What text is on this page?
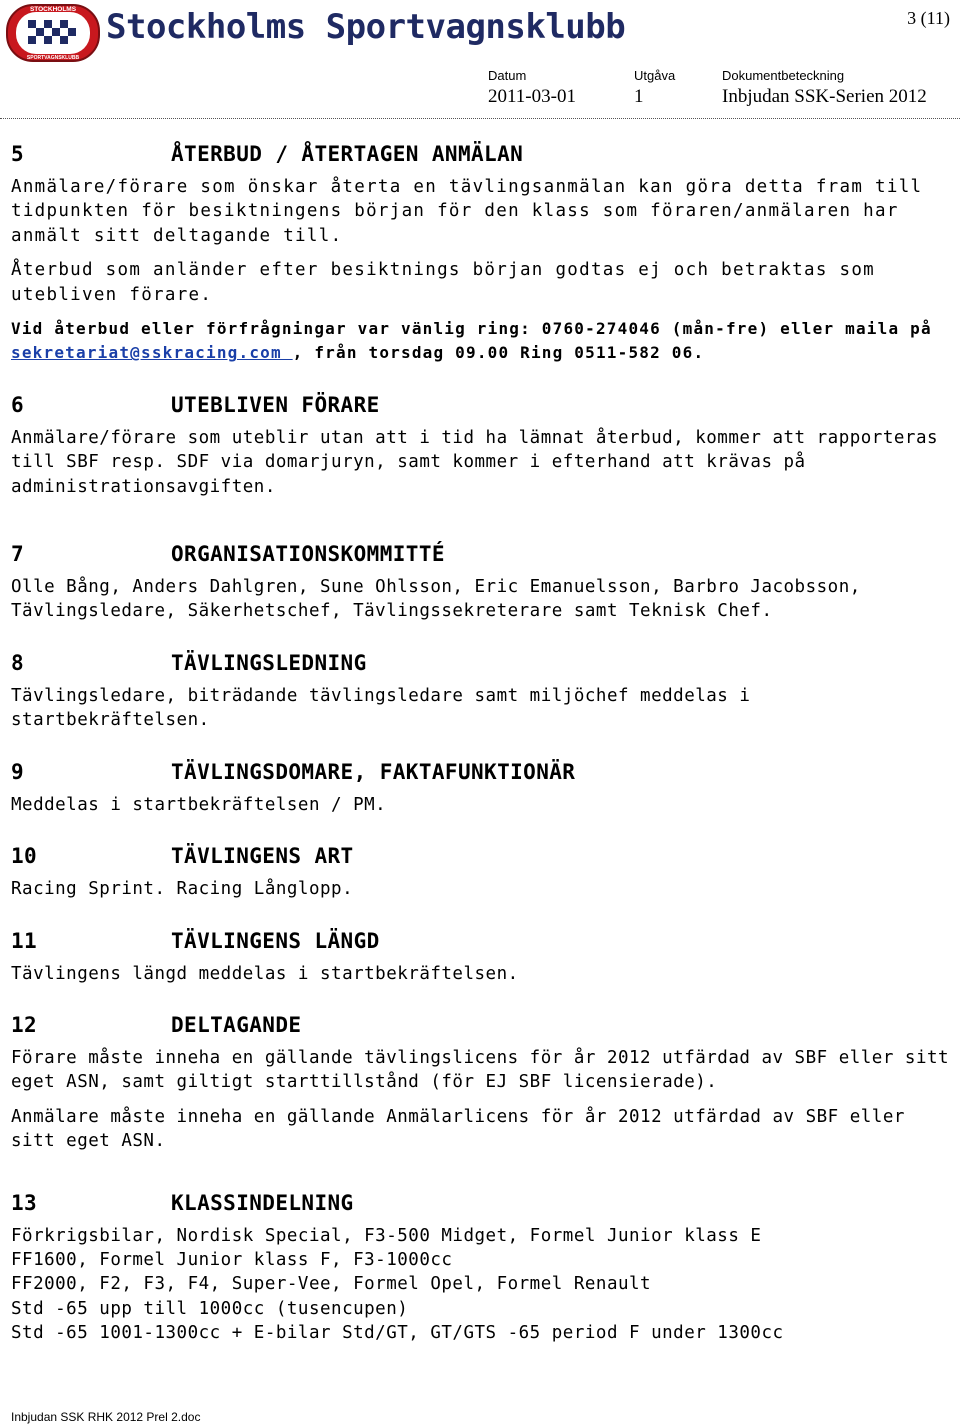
STOCKHOLMS
SPORTVAGNSKLUBB
Stockholms Sportvagnsklubb	3 (11)
Datum	Utgåva	Dokumentbeteckning
2011-03-01	1	Inbjudan SSK-Serien 2012
5	ÅTERBUD / ÅTERTAGEN ANMÄLAN

Anmälare/förare som önskar återta en tävlingsanmälan kan göra detta fram till tidpunkten för besiktningens början för den klass som föraren/anmälaren har anmält sitt deltagande till.

Återbud som anländer efter besiktnings början godtas ej och betraktas som utebliven förare.

Vid återbud eller förfrågningar var vänlig ring: 0760-274046 (mån-fre) eller maila på sekretariat@sskracing.com , från torsdag 09.00 Ring 0511-582 06.

6	UTEBLIVEN FÖRARE

Anmälare/förare som uteblir utan att i tid ha lämnat återbud, kommer att rapporteras till SBF resp. SDF via domarjuryn, samt kommer i efterhand att krävas på administrationsavgiften.

7	ORGANISATIONSKOMMITTÉ

Olle Bång, Anders Dahlgren, Sune Ohlsson, Eric Emanuelsson, Barbro Jacobsson, Tävlingsledare, Säkerhetschef, Tävlingssekreterare samt Teknisk Chef.

8	TÄVLINGSLEDNING

Tävlingsledare, biträdande tävlingsledare samt miljöchef meddelas i startbekräftelsen.

9	TÄVLINGSDOMARE, FAKTAFUNKTIONÄR

Meddelas i startbekräftelsen / PM.

10	TÄVLINGENS ART

Racing Sprint. Racing Långlopp.

11	TÄVLINGENS LÄNGD

Tävlingens längd meddelas i startbekräftelsen.

12	DELTAGANDE

Förare måste inneha en gällande tävlingslicens för år 2012 utfärdad av SBF eller sitt eget ASN, samt giltigt starttillstånd (för EJ SBF licensierade).

Anmälare måste inneha en gällande Anmälarlicens för år 2012 utfärdad av SBF eller sitt eget ASN.

13	KLASSINDELNING
Förkrigsbilar, Nordisk Special, F3-500 Midget, Formel Junior klass E
FF1600, Formel Junior klass F, F3-1000cc
FF2000, F2, F3, F4, Super-Vee, Formel Opel, Formel Renault
Std -65 upp till 1000cc (tusencupen)
Std -65 1001-1300cc + E-bilar Std/GT, GT/GTS -65 period F under 1300cc
Inbjudan SSK RHK 2012 Prel 2.doc
